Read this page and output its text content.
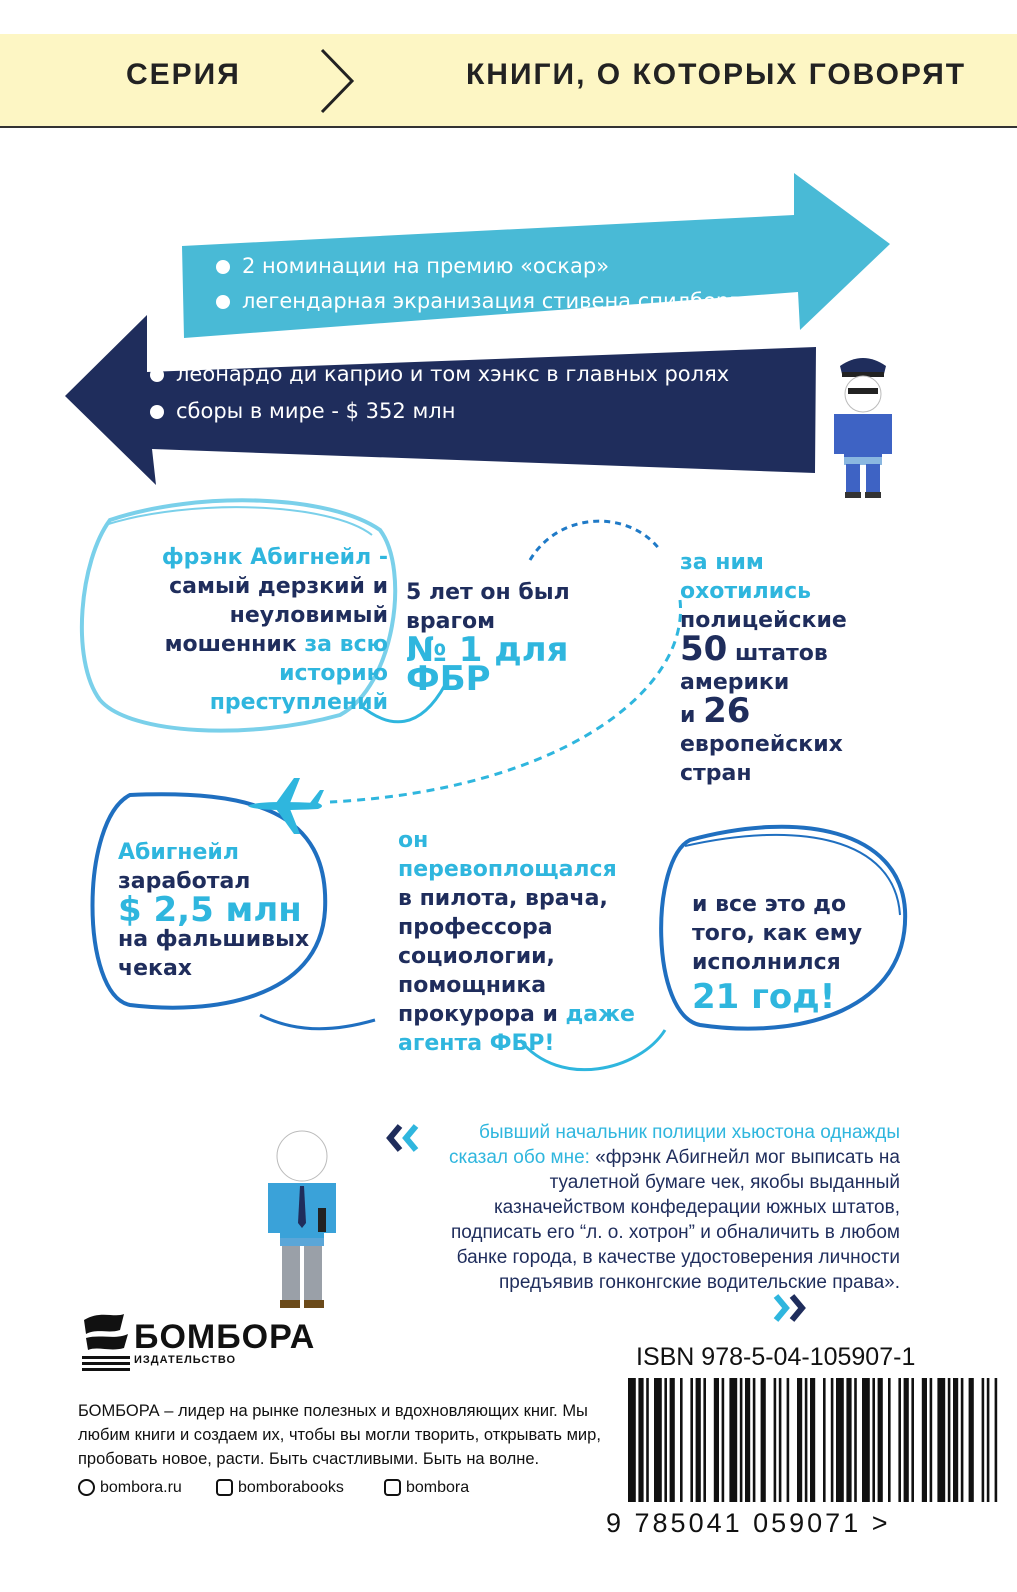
СЕРИЯ	КНИГИ, О КОТОРЫХ ГОВОРЯТ
2 номинации на премию «оскар»
легендарная экранизация стивена спилберга
леонардо ди каприо и том хэнкс в главных ролях
сборы в мире - $ 352 млн
фрэнк Абигнейл -
самый дерзкий и
неуловимый
мошенник за всю
историю
преступлений
5 лет он был
врагом
№ 1 для ФБР
за ним
охотились
полицейские
50 штатов
америки
и 26
европейских
стран
Абигнейл
заработал
$ 2,5 млн
на фальшивых
чеках
он
перевоплощался
в пилота, врача,
профессора
социологии,
помощника
прокурора и даже
агента ФБР!
и все это до
того, как ему
исполнился
21 год!
бывший начальник полиции хьюстона однажды сказал обо мне: «фрэнк Абигнейл мог выписать на туалетной бумаге чек, якобы выданный казначейством конфедерации южных штатов, подписать его “л. о. хотрон” и обналичить в любом банке города, в качестве удостоверения личности предъявив гонконгские водительские права».
БОМБОРА
ИЗДАТЕЛЬСТВО
БОМБОРА – лидер на рынке полезных и вдохновляющих книг. Мы любим книги и создаем их, чтобы вы могли творить, открывать мир, пробовать новое, расти. Быть счастливыми. Быть на волне.
bombora.ru	bomborabooks	bombora
ISBN 978-5-04-105907-1
9 785041 059071 >
